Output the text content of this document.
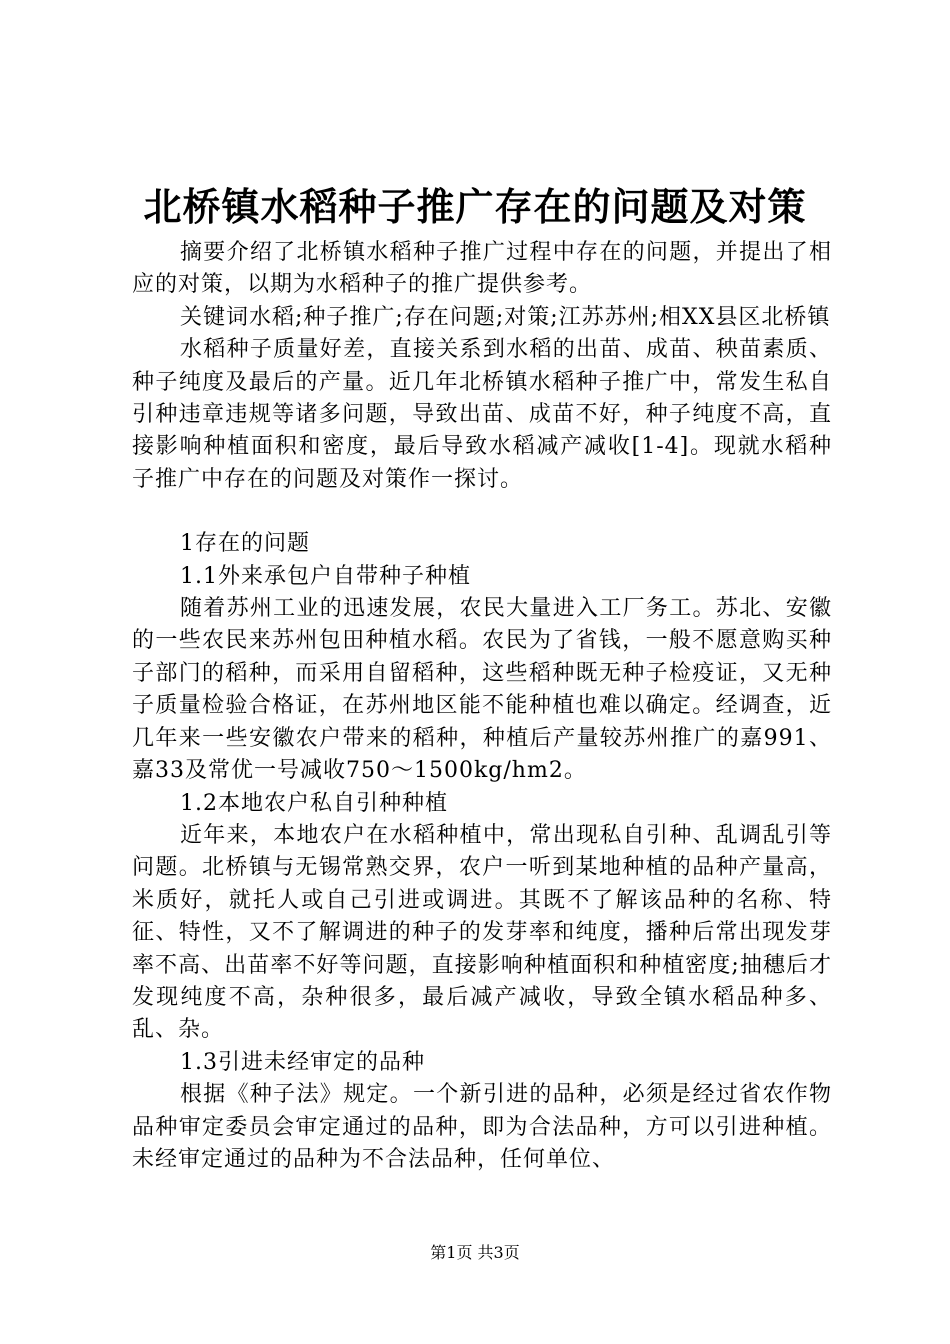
北桥镇水稻种子推广存在的问题及对策

摘要介绍了北桥镇水稻种子推广过程中存在的问题，并提出了相应的对策，以期为水稻种子的推广提供参考。

关键词水稻;种子推广;存在问题;对策;江苏苏州;相XX县区北桥镇

水稻种子质量好差，直接关系到水稻的出苗、成苗、秧苗素质、种子纯度及最后的产量。近几年北桥镇水稻种子推广中，常发生私自引种违章违规等诸多问题，导致出苗、成苗不好，种子纯度不高，直接影响种植面积和密度，最后导致水稻减产减收[1-4]。现就水稻种子推广中存在的问题及对策作一探讨。

1存在的问题

1.1外来承包户自带种子种植

随着苏州工业的迅速发展，农民大量进入工厂务工。苏北、安徽的一些农民来苏州包田种植水稻。农民为了省钱，一般不愿意购买种子部门的稻种，而采用自留稻种，这些稻种既无种子检疫证，又无种子质量检验合格证，在苏州地区能不能种植也难以确定。经调查，近几年来一些安徽农户带来的稻种，种植后产量较苏州推广的嘉991、嘉33及常优一号减收750～1500kg/hm2。

1.2本地农户私自引种种植

近年来，本地农户在水稻种植中，常出现私自引种、乱调乱引等问题。北桥镇与无锡常熟交界，农户一听到某地种植的品种产量高，米质好，就托人或自己引进或调进。其既不了解该品种的名称、特征、特性，又不了解调进的种子的发芽率和纯度，播种后常出现发芽率不高、出苗率不好等问题，直接影响种植面积和种植密度;抽穗后才发现纯度不高，杂种很多，最后减产减收，导致全镇水稻品种多、乱、杂。

1.3引进未经审定的品种

根据《种子法》规定。一个新引进的品种，必须是经过省农作物品种审定委员会审定通过的品种，即为合法品种，方可以引进种植。未经审定通过的品种为不合法品种，任何单位、

第1页 共3页
